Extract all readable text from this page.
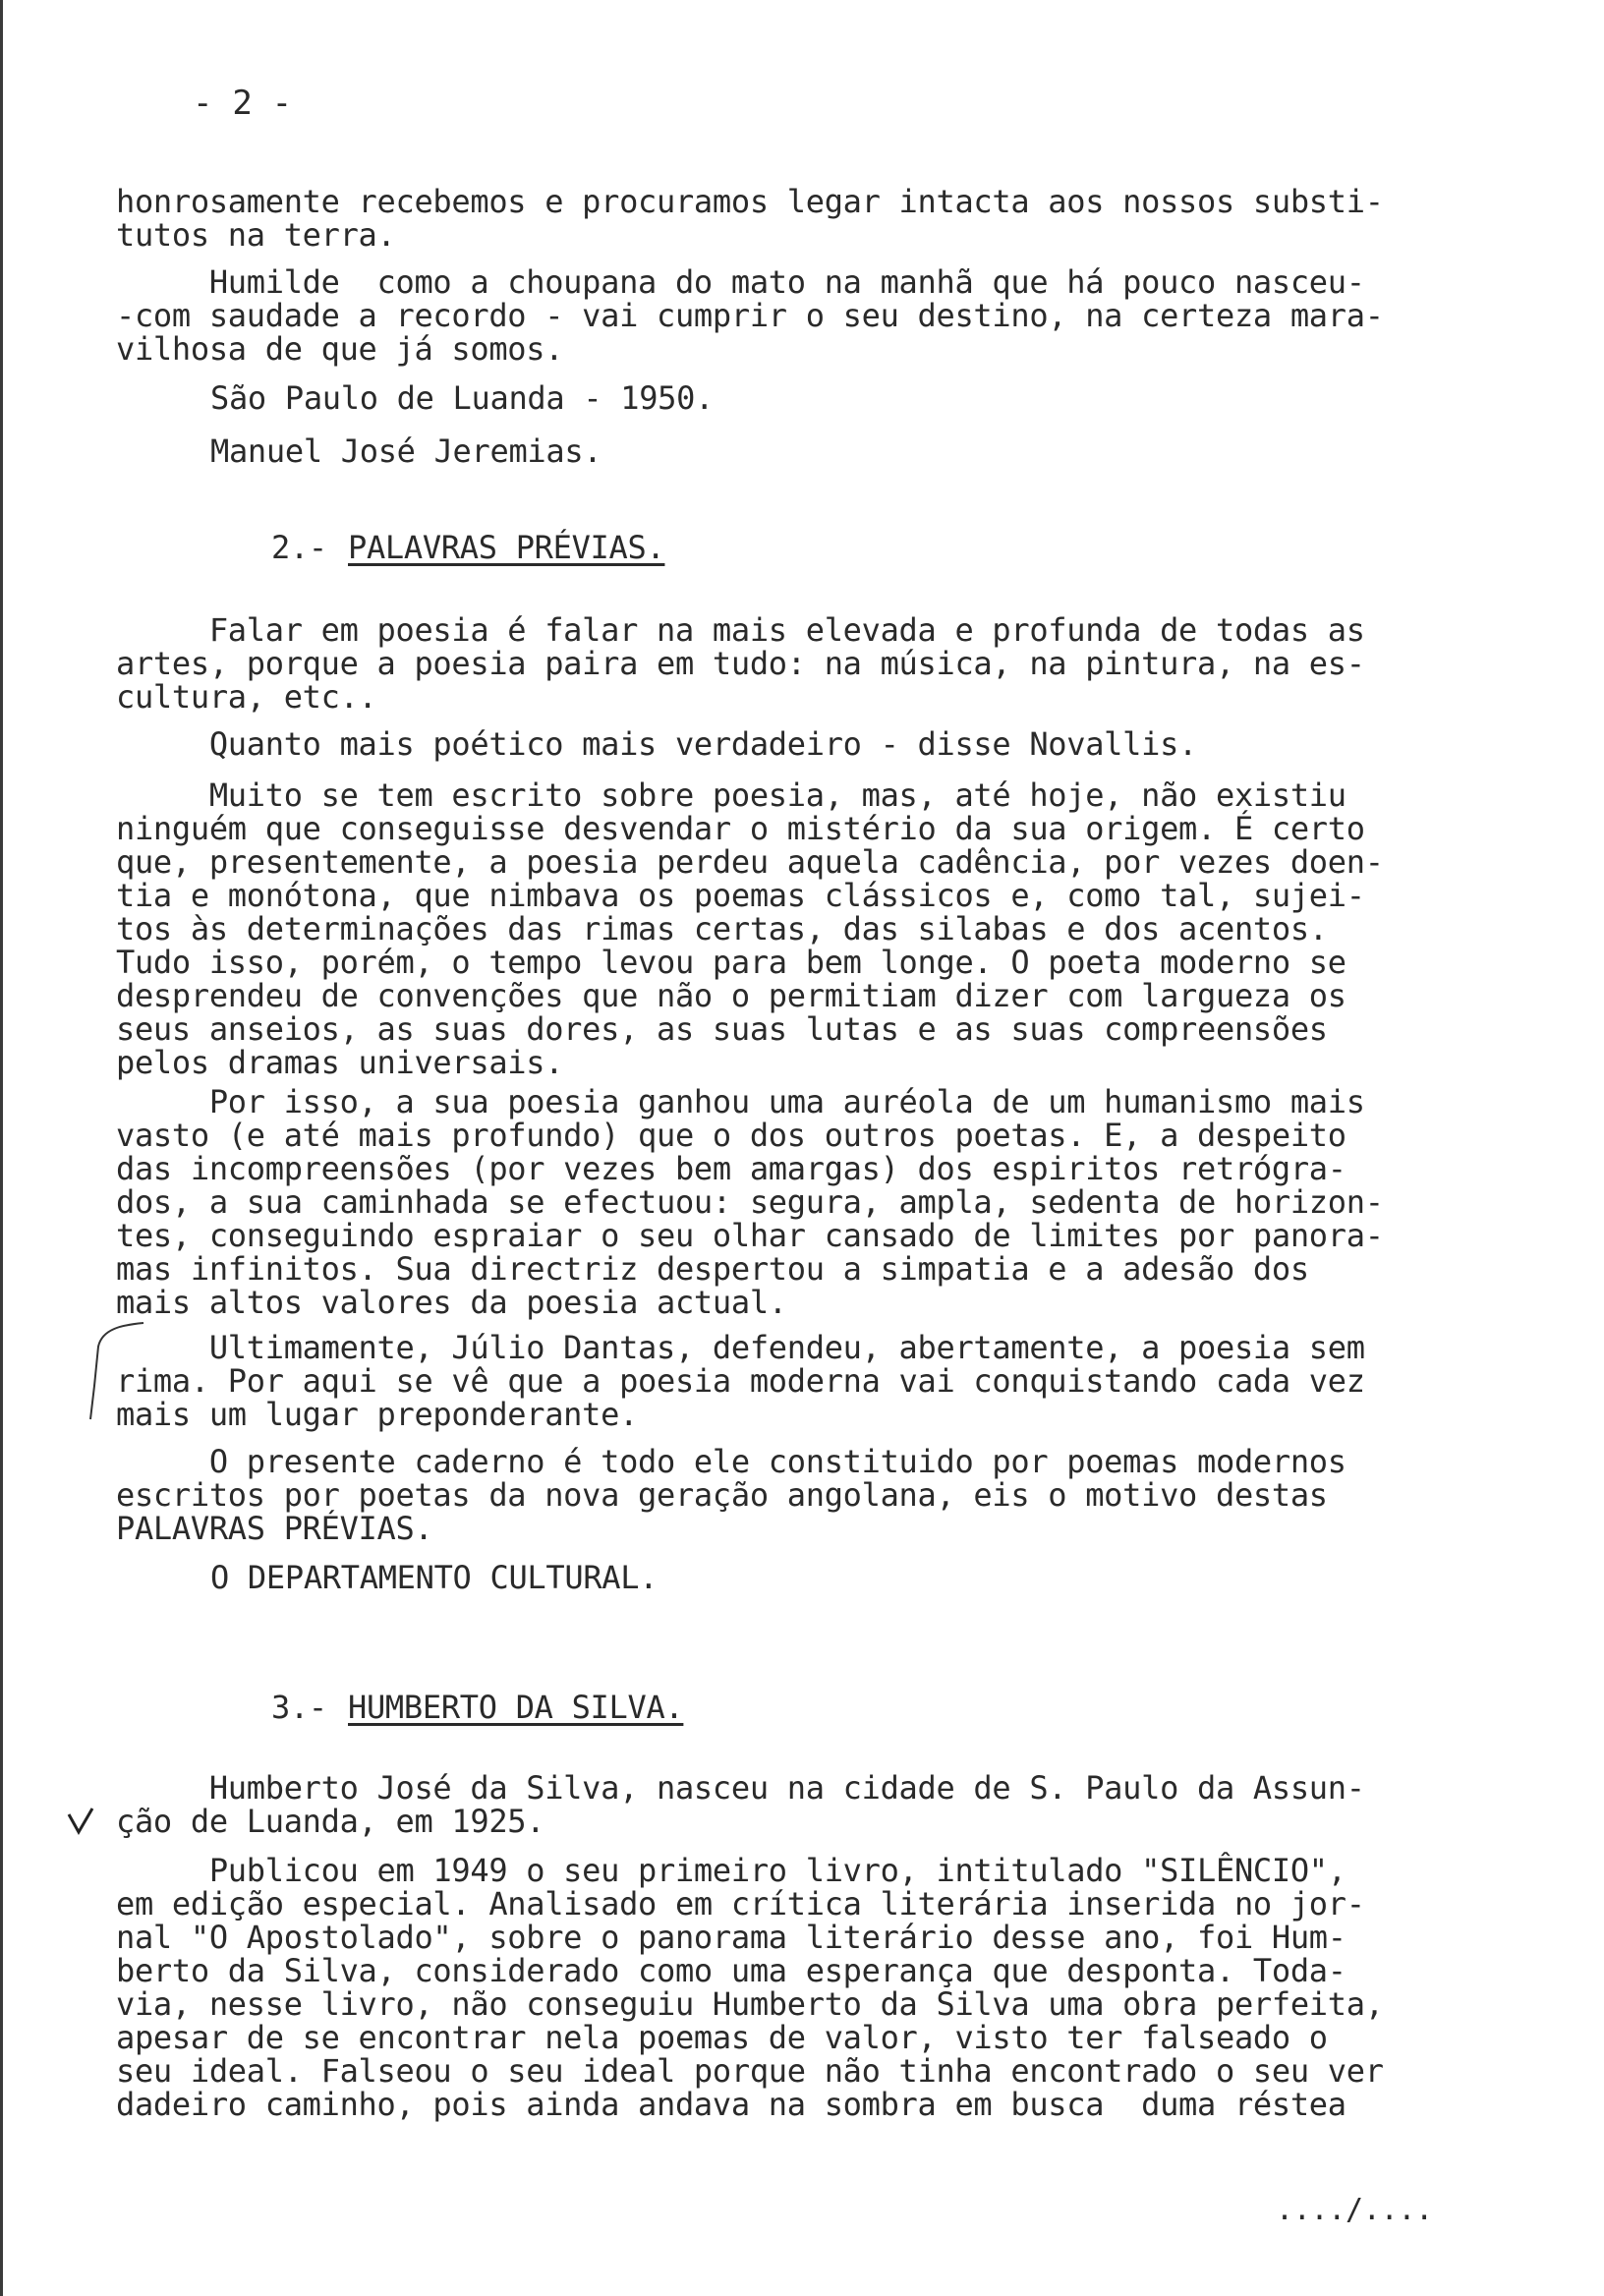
- 2 -
honrosamente recebemos e procuramos legar intacta aos nossos substi-
tutos na terra.
Humilde  como a choupana do mato na manhã que há pouco nasceu-
-com saudade a recordo - vai cumprir o seu destino, na certeza mara-
vilhosa de que já somos.
São Paulo de Luanda - 1950.
Manuel José Jeremias.
2.- PALAVRAS PRÉVIAS.
Falar em poesia é falar na mais elevada e profunda de todas as
artes, porque a poesia paira em tudo: na música, na pintura, na es-
cultura, etc..
Quanto mais poético mais verdadeiro - disse Novallis.
Muito se tem escrito sobre poesia, mas, até hoje, não existiu
ninguém que conseguisse desvendar o mistério da sua origem. É certo
que, presentemente, a poesia perdeu aquela cadência, por vezes doen-
tia e monótona, que nimbava os poemas clássicos e, como tal, sujei-
tos às determinações das rimas certas, das silabas e dos acentos.
Tudo isso, porém, o tempo levou para bem longe. O poeta moderno se
desprendeu de convenções que não o permitiam dizer com largueza os
seus anseios, as suas dores, as suas lutas e as suas compreensões
pelos dramas universais.
Por isso, a sua poesia ganhou uma auréola de um humanismo mais
vasto (e até mais profundo) que o dos outros poetas. E, a despeito
das incompreensões (por vezes bem amargas) dos espiritos retrógra-
dos, a sua caminhada se efectuou: segura, ampla, sedenta de horizon-
tes, conseguindo espraiar o seu olhar cansado de limites por panora-
mas infinitos. Sua directriz despertou a simpatia e a adesão dos
mais altos valores da poesia actual.
Ultimamente, Júlio Dantas, defendeu, abertamente, a poesia sem
rima. Por aqui se vê que a poesia moderna vai conquistando cada vez
mais um lugar preponderante.
O presente caderno é todo ele constituido por poemas modernos
escritos por poetas da nova geração angolana, eis o motivo destas
PALAVRAS PRÉVIAS.
O DEPARTAMENTO CULTURAL.
3.- HUMBERTO DA SILVA.
Humberto José da Silva, nasceu na cidade de S. Paulo da Assun-
ção de Luanda, em 1925.
Publicou em 1949 o seu primeiro livro, intitulado "SILÊNCIO",
em edição especial. Analisado em crítica literária inserida no jor-
nal "O Apostolado", sobre o panorama literário desse ano, foi Hum-
berto da Silva, considerado como uma esperança que desponta. Toda-
via, nesse livro, não conseguiu Humberto da Silva uma obra perfeita,
apesar de se encontrar nela poemas de valor, visto ter falseado o
seu ideal. Falseou o seu ideal porque não tinha encontrado o seu ver
dadeiro caminho, pois ainda andava na sombra em busca  duma réstea
..../....
